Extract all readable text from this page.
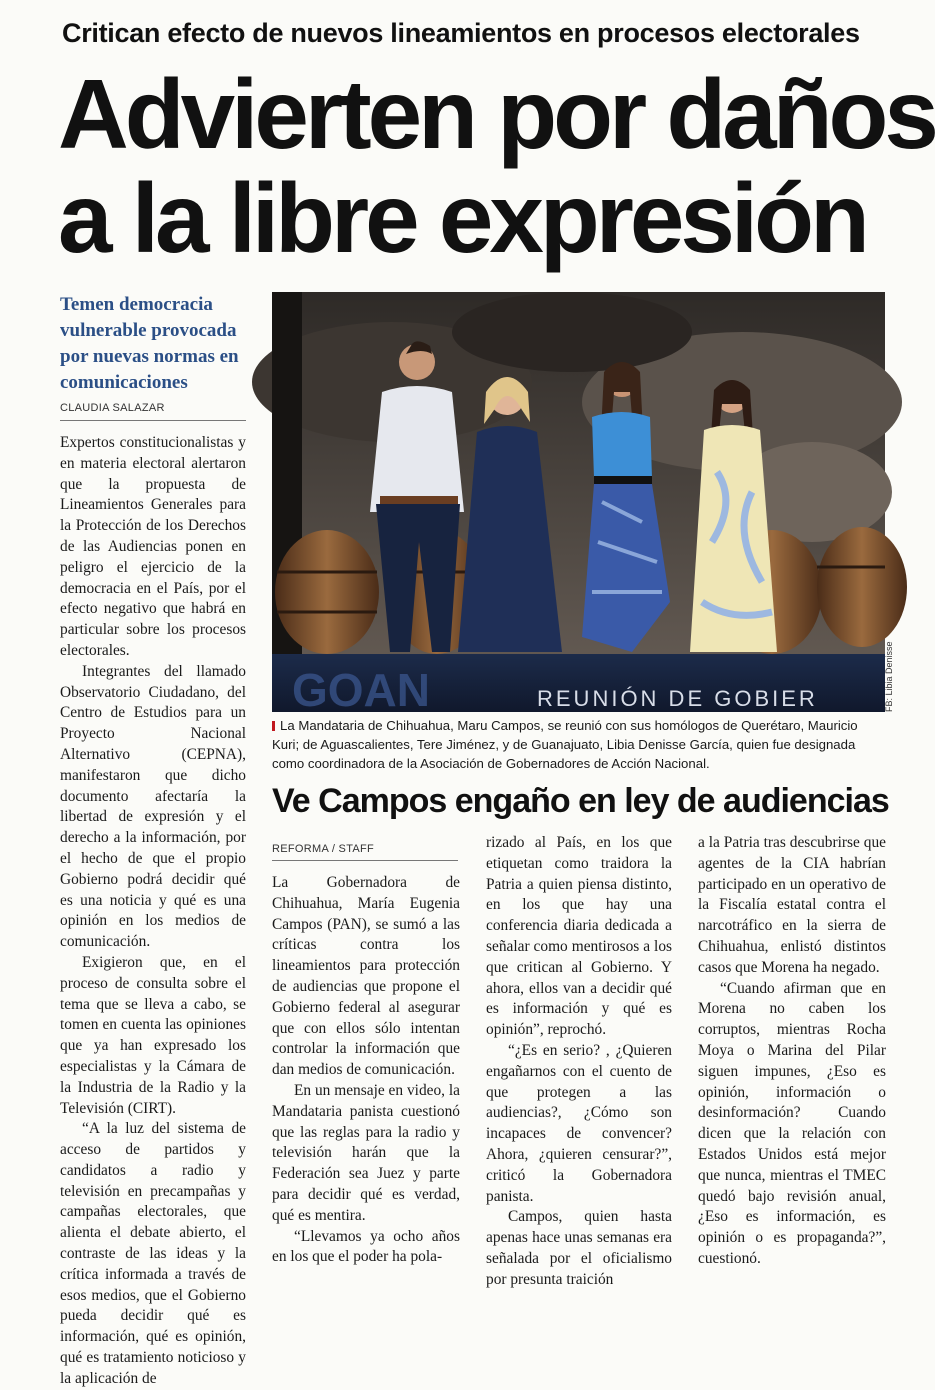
Critican efecto de nuevos lineamientos en procesos electorales
Advierten por daños
a la libre expresión
Temen democracia vulnerable provocada por nuevas normas en comunicaciones
CLAUDIA SALAZAR

Expertos constitucionalistas y en materia electoral alertaron que la propuesta de Lineamientos Generales para la Protección de los Derechos de las Audiencias ponen en peligro el ejercicio de la democracia en el País, por el efecto negativo que habrá en particular sobre los procesos electorales.

Integrantes del llamado Observatorio Ciudadano, del Centro de Estudios para un Proyecto Nacional Alternativo (CEPNA), manifestaron que dicho documento afectaría la libertad de expresión y el derecho a la información, por el hecho de que el propio Gobierno podrá decidir qué es una noticia y qué es una opinión en los medios de comunicación.

Exigieron que, en el proceso de consulta sobre el tema que se lleva a cabo, se tomen en cuenta las opiniones que ya han expresado los especialistas y la Cámara de la Industria de la Radio y la Televisión (CIRT).

“A la luz del sistema de acceso de partidos y candidatos a radio y televisión en precampañas y campañas electorales, que alienta el debate abierto, el contraste de las ideas y la crítica informada a través de esos medios, que el Gobierno pueda decidir qué es información, qué es opinión, qué es tratamiento noticioso y la aplicación de

GOAN	REUNIÓN DE GOBIER	FB: Libia Denisse
La Mandataria de Chihuahua, Maru Campos, se reunió con sus homólogos de Querétaro, Mauricio Kuri; de Aguascalientes, Tere Jiménez, y de Guanajuato, Libia Denisse García, quien fue designada como coordinadora de la Asociación de Gobernadores de Acción Nacional.
Ve Campos engaño en ley de audiencias
REFORMA / STAFF

La Gobernadora de Chihuahua, María Eugenia Campos (PAN), se sumó a las críticas contra los lineamientos para protección de audiencias que propone el Gobierno federal al asegurar que con ellos sólo intentan controlar la información que dan medios de comunicación.

En un mensaje en video, la Mandataria panista cuestionó que las reglas para la radio y televisión harán que la Federación sea Juez y parte para decidir qué es verdad, qué es mentira.

“Llevamos ya ocho años en los que el poder ha pola-

rizado al País, en los que etiquetan como traidora la Patria a quien piensa distinto, en los que hay una conferencia diaria dedicada a señalar como mentirosos a los que critican al Gobierno. Y ahora, ellos van a decidir qué es información y qué es opinión”, reprochó.

“¿Es en serio? , ¿Quieren engañarnos con el cuento de que protegen a las audiencias?, ¿Cómo son incapaces de convencer? Ahora, ¿quieren censurar?”, criticó la Gobernadora panista.

Campos, quien hasta apenas hace unas semanas era señalada por el oficialismo por presunta traición

a la Patria tras descubrirse que agentes de la CIA habrían participado en un operativo de la Fiscalía estatal contra el narcotráfico en la sierra de Chihuahua, enlistó distintos casos que Morena ha negado.

“Cuando afirman que en Morena no caben los corruptos, mientras Rocha Moya o Marina del Pilar siguen impunes, ¿Eso es opinión, información o desinformación? Cuando dicen que la relación con Estados Unidos está mejor que nunca, mientras el TMEC quedó bajo revisión anual, ¿Eso es información, es opinión o es propaganda?”, cuestionó.
